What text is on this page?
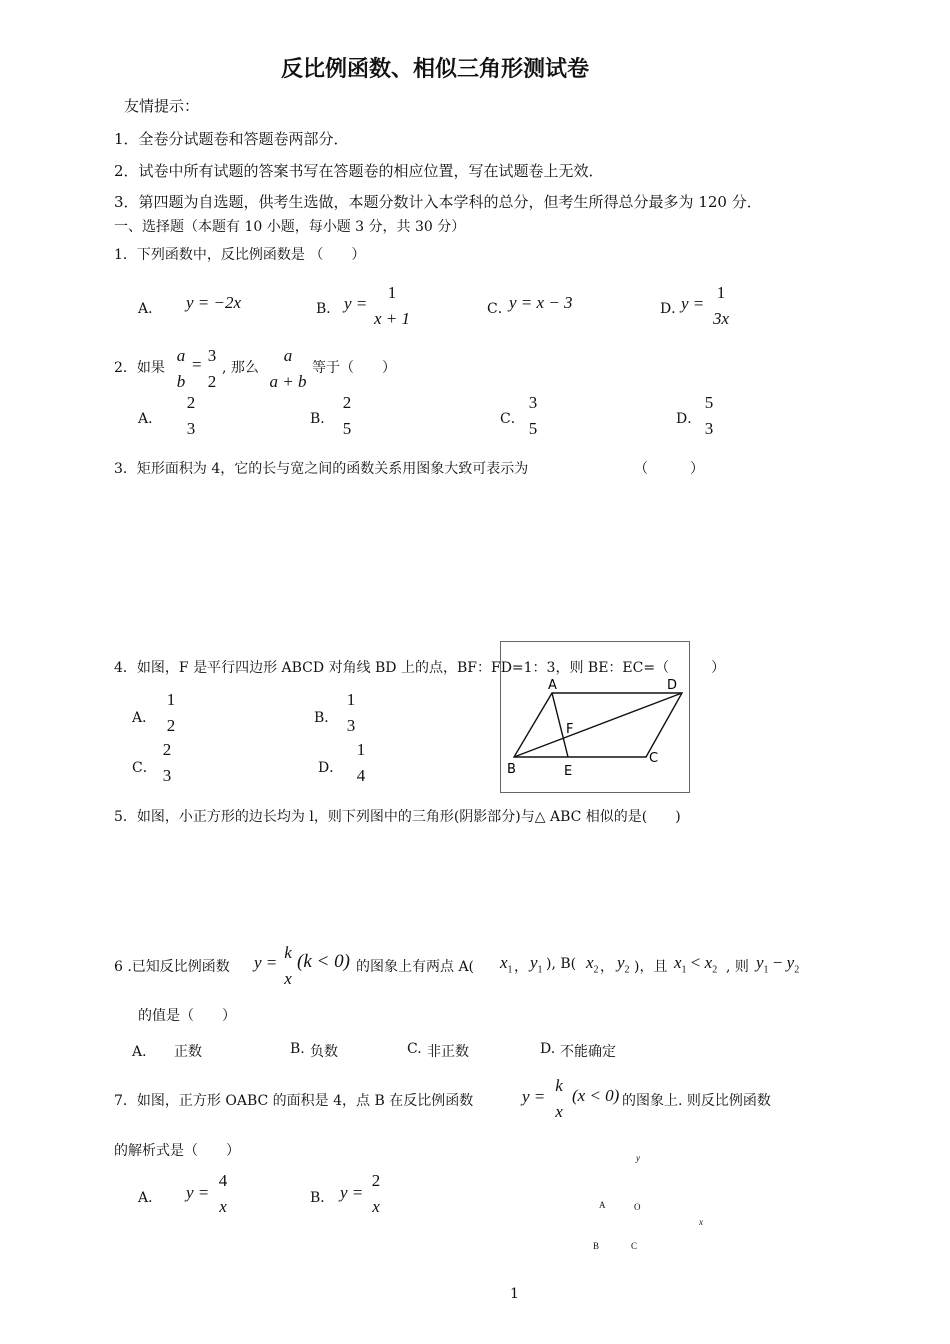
反比例函数、相似三角形测试卷
友情提示：
1．全卷分试题卷和答题卷两部分．
2．试卷中所有试题的答案书写在答题卷的相应位置，写在试题卷上无效．
3．第四题为自选题，供考生选做，本题分数计入本学科的总分，但考生所得总分最多为 120 分．
一、选择题（本题有 10 小题，每小题 3 分，共 30 分）
1．下列函数中，反比例函数是 （　　）
A． y = −2x	B． y =
1
x + 1	C．
y = x − 3	D．
y =
1
3x
2．如果
a
b
= 3
2
, 那么
a
a + b
等于（　　）
A．
2
3	B．
2
5	C．
3
5	D．
5
3
3．矩形面积为 4，它的长与宽之间的函数关系用图象大致可表示为	（　　　）
4．如图，F 是平行四边形 ABCD 对角线 BD 上的点，BF：FD=1：3，则 BE：EC=（　　　）
A	D
F
B	E
C
A．
1
2	B．
1
3
C．
2
3	D．
1
4
5．如图，小正方形的边长均为 l，则下列图中的三角形(阴影部分)与△ ABC 相似的是(　　)
6 .已知反比例函数 y =
k
x
(k < 0) 的图象上有两点 A( $x_1$ ， $y_1$ ), B( $x_2$ ， $y_2$ )，且 $x_1 < x_2$ , 则 $y_1 - y_2$
的值是（　　）
A． 正数	B. 负数	C. 非正数	D. 不能确定
7．如图，正方形 OABC 的面积是 4，点 B 在反比例函数	y =
k
x
(x < 0) 的图象上. 则反比例函数
的解析式是（　　）
A． y =
4
x	B． y =
2
x
y
A	O
x
B	C
1
